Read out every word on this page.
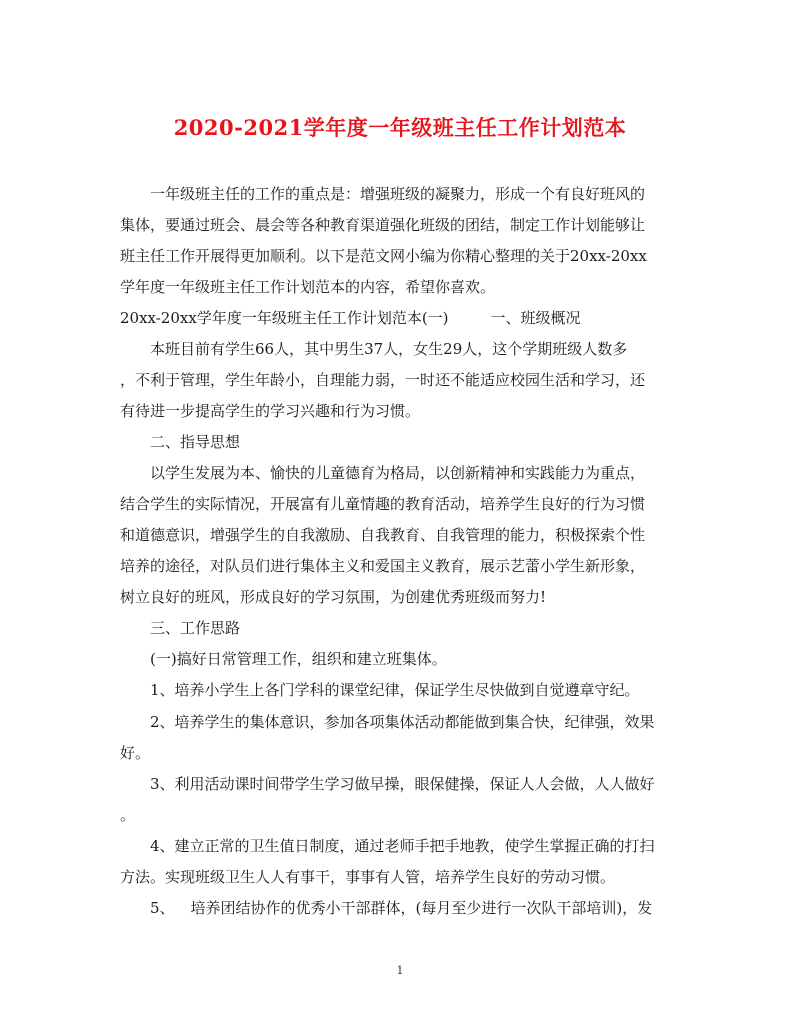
2020-2021学年度一年级班主任工作计划范本

一年级班主任的工作的重点是：增强班级的凝聚力，形成一个有良好班风的

集体，要通过班会、晨会等各种教育渠道强化班级的团结，制定工作计划能够让

班主任工作开展得更加顺利。以下是范文网小编为你精心整理的关于20xx-20xx

学年度一年级班主任工作计划范本的内容，希望你喜欢。

20xx-20xx学年度一年级班主任工作计划范本(一)	一、班级概况

本班目前有学生66人，其中男生37人，女生29人，这个学期班级人数多

，不利于管理，学生年龄小，自理能力弱，一时还不能适应校园生活和学习，还

有待进一步提高学生的学习兴趣和行为习惯。

二、指导思想

以学生发展为本、愉快的儿童德育为格局，以创新精神和实践能力为重点，

结合学生的实际情况，开展富有儿童情趣的教育活动，培养学生良好的行为习惯

和道德意识，增强学生的自我激励、自我教育、自我管理的能力，积极探索个性

培养的途径，对队员们进行集体主义和爱国主义教育，展示艺蕾小学生新形象，

树立良好的班风，形成良好的学习氛围，为创建优秀班级而努力!

三、工作思路

(一)搞好日常管理工作，组织和建立班集体。

1、培养小学生上各门学科的课堂纪律，保证学生尽快做到自觉遵章守纪。

2、培养学生的集体意识，参加各项集体活动都能做到集合快，纪律强，效果

好。

3、利用活动课时间带学生学习做早操，眼保健操，保证人人会做，人人做好

。

4、建立正常的卫生值日制度，通过老师手把手地教，使学生掌握正确的打扫

方法。实现班级卫生人人有事干，事事有人管，培养学生良好的劳动习惯。

5、 培养团结协作的优秀小干部群体，(每月至少进行一次队干部培训)，发

1
